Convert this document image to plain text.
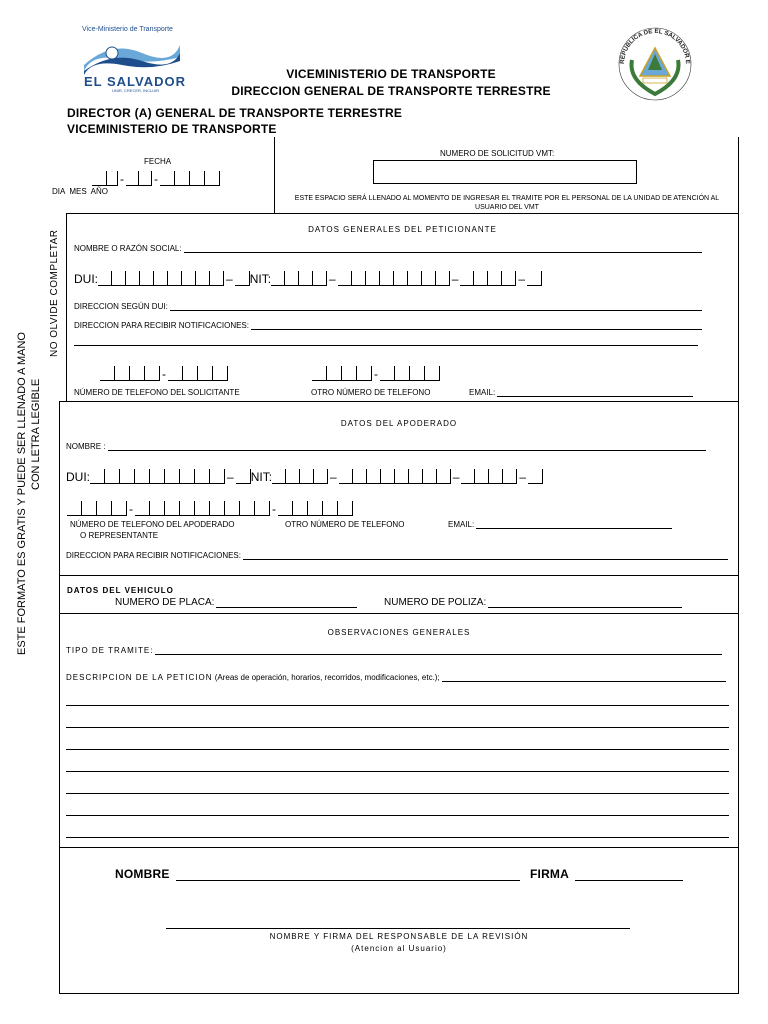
Vice-Ministerio de Transporte
EL SALVADOR
UNIR, CRECER, INCLUIR
REPUBLICA DE EL SALVADOR E
VICEMINISTERIO DE TRANSPORTE
DIRECCION GENERAL DE TRANSPORTE TERRESTRE
DIRECTOR (A) GENERAL DE TRANSPORTE TERRESTRE
VICEMINISTERIO DE TRANSPORTE
ESTE FORMATO ES GRATIS Y PUEDE SER LLENADO A MANO CON LETRA LEGIBLE
NO OLVIDE COMPLETAR
FECHA
-	-
DIA  MES  AÑO
NUMERO DE SOLICITUD VMT:
ESTE ESPACIO SERÁ LLENADO AL MOMENTO DE INGRESAR EL TRAMITE POR EL PERSONAL DE LA UNIDAD DE ATENCIÓN AL USUARIO DEL VMT
DATOS GENERALES DEL PETICIONANTE
NOMBRE O RAZÓN SOCIAL:
DUI:	– NIT:	–	–	–
DIRECCION SEGÚN DUI:
DIRECCION PARA RECIBIR NOTIFICACIONES:
-	-
NÚMERO DE TELEFONO DEL SOLICITANTE	OTRO NÚMERO DE TELEFONO	EMAIL:
DATOS DEL APODERADO
NOMBRE :
DUI:	– NIT:	–	–	–
-	-
NÚMERO DE TELEFONO DEL APODERADO
O REPRESENTANTE
OTRO NÚMERO DE TELEFONO	EMAIL:
DIRECCION PARA RECIBIR NOTIFICACIONES:
DATOS DEL VEHICULO
NUMERO DE PLACA:	NUMERO DE POLIZA:
OBSERVACIONES GENERALES
TIPO DE TRAMITE:
DESCRIPCION DE LA PETICION
(Areas de operación, horarios, recorridos, modificaciones, etc.);
NOMBRE	FIRMA
NOMBRE Y FIRMA DEL RESPONSABLE DE LA REVISIÓN
(Atencion al Usuario)
